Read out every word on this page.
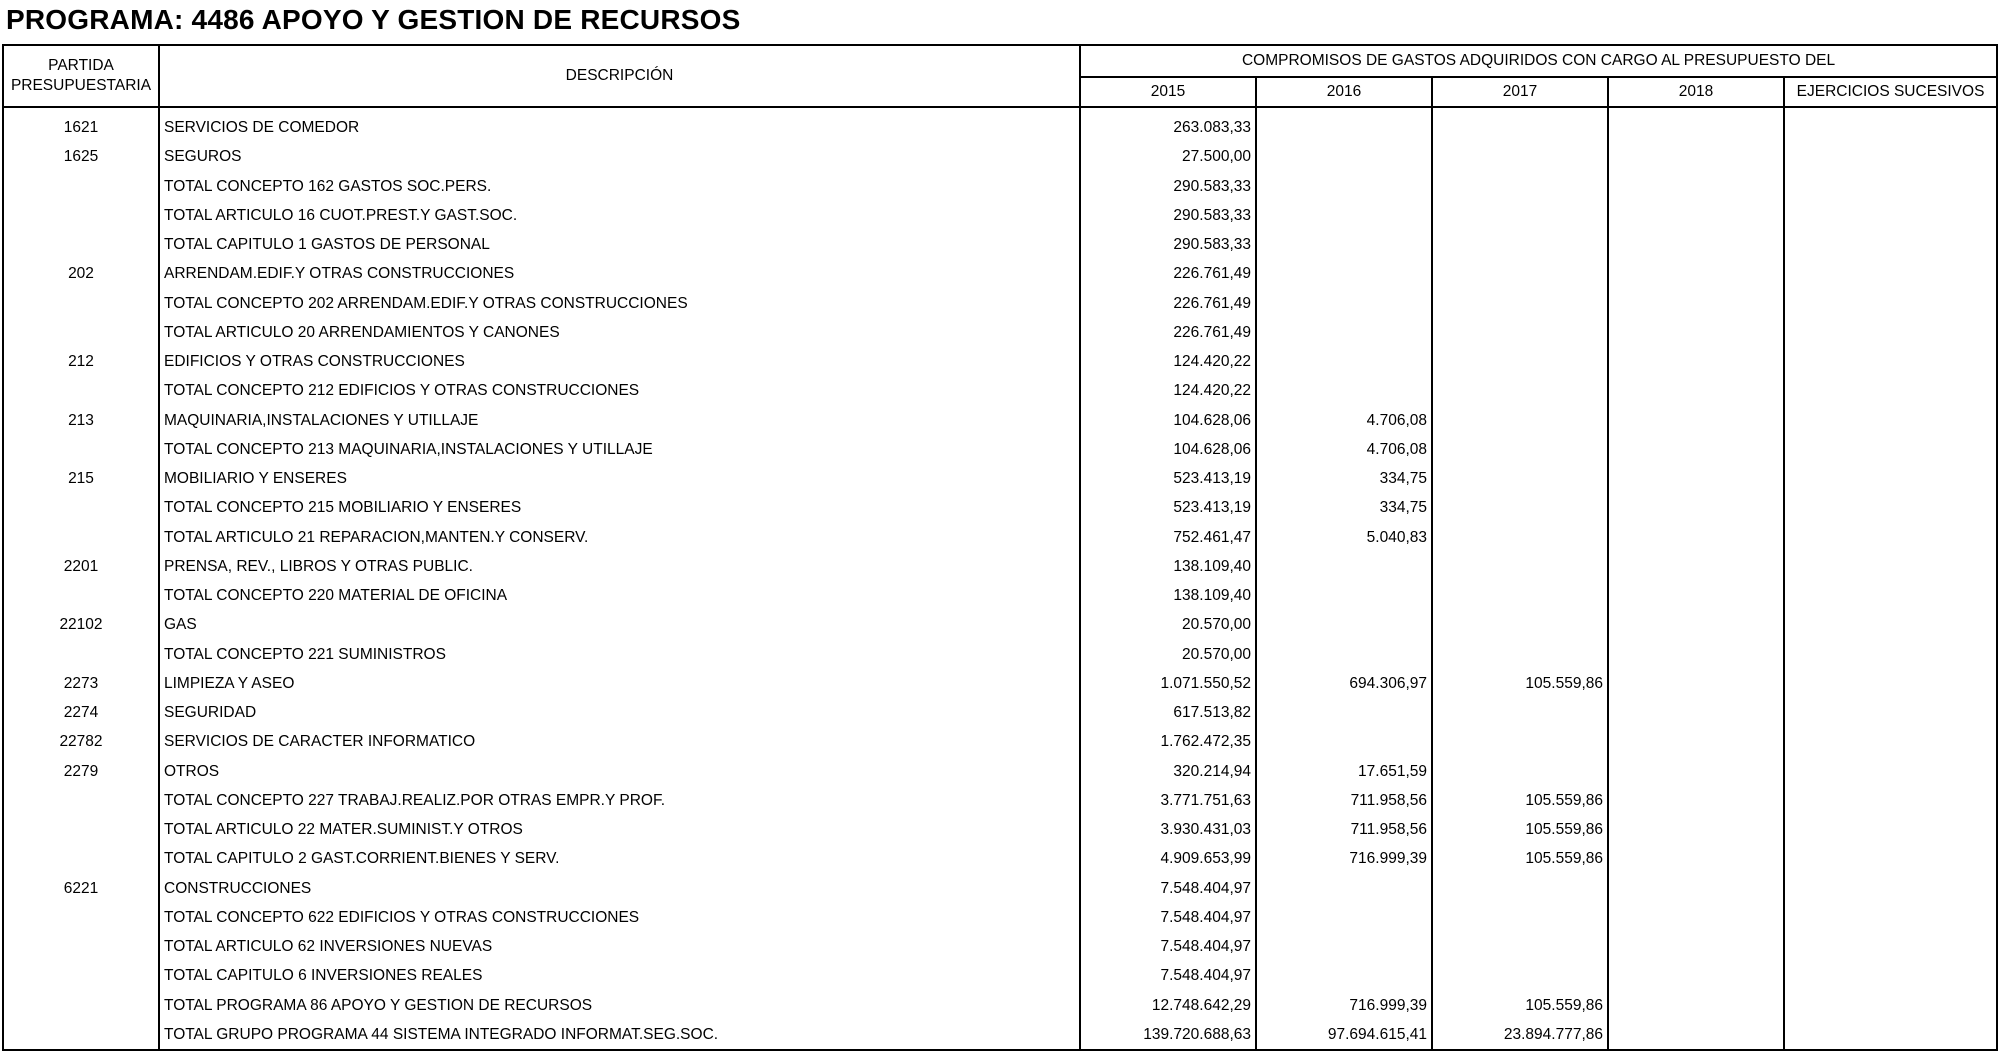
PROGRAMA: 4486 APOYO Y GESTION DE RECURSOS
PARTIDA
PRESUPUESTARIA	DESCRIPCIÓN	COMPROMISOS DE GASTOS ADQUIRIDOS CON CARGO AL PRESUPUESTO DEL				
		2015	2016	2017	2018	EJERCICIOS SUCESIVOS
1621	SERVICIOS DE COMEDOR	263.083,33				
1625	SEGUROS	27.500,00				
	TOTAL CONCEPTO 162 GASTOS SOC.PERS.	290.583,33				
	TOTAL ARTICULO 16 CUOT.PREST.Y GAST.SOC.	290.583,33				
	TOTAL CAPITULO 1 GASTOS DE PERSONAL	290.583,33				
202	ARRENDAM.EDIF.Y OTRAS CONSTRUCCIONES	226.761,49				
	TOTAL CONCEPTO 202 ARRENDAM.EDIF.Y OTRAS CONSTRUCCIONES	226.761,49				
	TOTAL ARTICULO 20 ARRENDAMIENTOS Y CANONES	226.761,49				
212	EDIFICIOS Y OTRAS CONSTRUCCIONES	124.420,22				
	TOTAL CONCEPTO 212 EDIFICIOS Y OTRAS CONSTRUCCIONES	124.420,22				
213	MAQUINARIA,INSTALACIONES Y UTILLAJE	104.628,06	4.706,08			
	TOTAL CONCEPTO 213 MAQUINARIA,INSTALACIONES Y UTILLAJE	104.628,06	4.706,08			
215	MOBILIARIO Y ENSERES	523.413,19	334,75			
	TOTAL CONCEPTO 215 MOBILIARIO Y ENSERES	523.413,19	334,75			
	TOTAL ARTICULO 21 REPARACION,MANTEN.Y CONSERV.	752.461,47	5.040,83			
2201	PRENSA, REV., LIBROS Y OTRAS PUBLIC.	138.109,40				
	TOTAL CONCEPTO 220 MATERIAL DE OFICINA	138.109,40				
22102	GAS	20.570,00				
	TOTAL CONCEPTO 221 SUMINISTROS	20.570,00				
2273	LIMPIEZA Y ASEO	1.071.550,52	694.306,97	105.559,86		
2274	SEGURIDAD	617.513,82				
22782	SERVICIOS DE CARACTER INFORMATICO	1.762.472,35				
2279	OTROS	320.214,94	17.651,59			
	TOTAL CONCEPTO 227 TRABAJ.REALIZ.POR OTRAS EMPR.Y PROF.	3.771.751,63	711.958,56	105.559,86		
	TOTAL ARTICULO 22 MATER.SUMINIST.Y OTROS	3.930.431,03	711.958,56	105.559,86		
	TOTAL CAPITULO 2 GAST.CORRIENT.BIENES Y SERV.	4.909.653,99	716.999,39	105.559,86		
6221	CONSTRUCCIONES	7.548.404,97				
	TOTAL CONCEPTO 622 EDIFICIOS Y OTRAS CONSTRUCCIONES	7.548.404,97				
	TOTAL ARTICULO 62 INVERSIONES NUEVAS	7.548.404,97				
	TOTAL CAPITULO 6 INVERSIONES REALES	7.548.404,97				
	TOTAL PROGRAMA 86 APOYO Y GESTION DE RECURSOS	12.748.642,29	716.999,39	105.559,86		
	TOTAL GRUPO PROGRAMA 44 SISTEMA INTEGRADO INFORMAT.SEG.SOC.	139.720.688,63	97.694.615,41	23.894.777,86		
